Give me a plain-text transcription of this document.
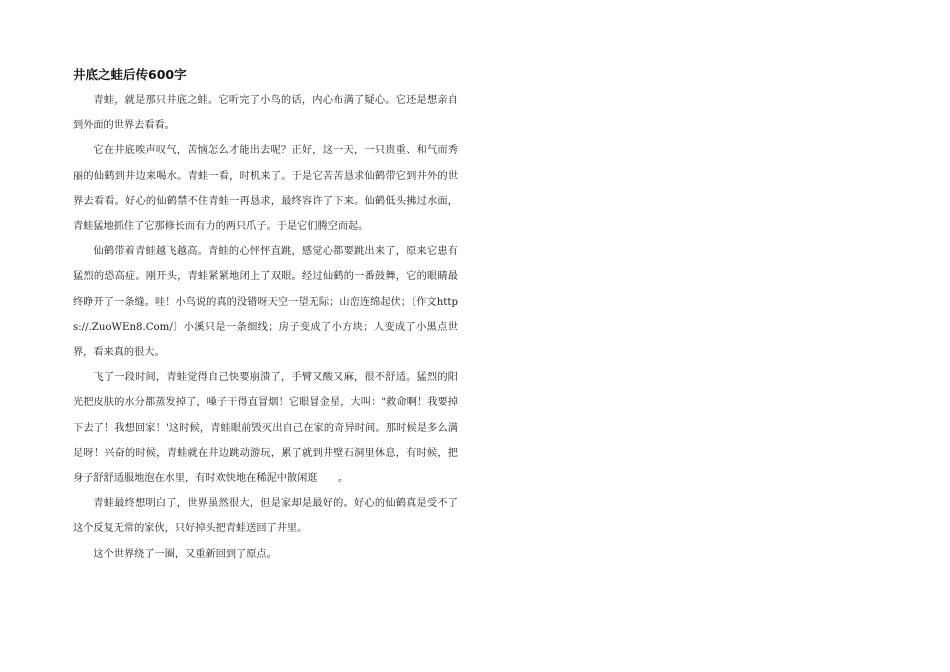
井底之蛙后传600字

青蛙，就是那只井底之蛙。它听完了小鸟的话，内心布满了疑心。它还是想亲自到外面的世界去看看。

它在井底唉声叹气，苦恼怎么才能出去呢？正好，这一天，一只贵重、和气而秀丽的仙鹤到井边来喝水。青蛙一看，时机来了。于是它苦苦恳求仙鹤带它到井外的世界去看看。好心的仙鹤禁不住青蛙一再恳求，最终容许了下来。仙鹤低头拂过水面，青蛙猛地抓住了它那修长而有力的两只爪子。于是它们腾空而起。

仙鹤带着青蛙越飞越高。青蛙的心怦怦直跳，感觉心都要跳出来了，原来它患有猛烈的恐高症。刚开头，青蛙紧紧地闭上了双眼。经过仙鹤的一番鼓舞，它的眼睛最终睁开了一条缝。哇！小鸟说的真的没错呀天空一望无际；山峦连绵起伏；〔作文https://.ZuoWEn8.Com/〕小溪只是一条细线；房子变成了小方块；人变成了小黑点世界，看来真的很大。

飞了一段时间，青蛙觉得自己快要崩溃了，手臂又酸又麻，很不舒适。猛烈的阳光把皮肤的水分都蒸发掉了，嗓子干得直冒烟！它眼冒金星，大叫："救命啊！我要掉下去了！我想回家！'这时候，青蛙眼前毁灭出自己在家的奇异时间。那时候是多么满足呀！兴奋的时候，青蛙就在井边跳动游玩，累了就到井壁石洞里休息，有时候，把身子舒舒适服地泡在水里，有时欢快地在稀泥中散闲逛　　。

青蛙最终想明白了，世界虽然很大，但是家却是最好的。好心的仙鹤真是受不了这个反复无常的家伙，只好掉头把青蛙送回了井里。

这个世界绕了一圈，又重新回到了原点。
